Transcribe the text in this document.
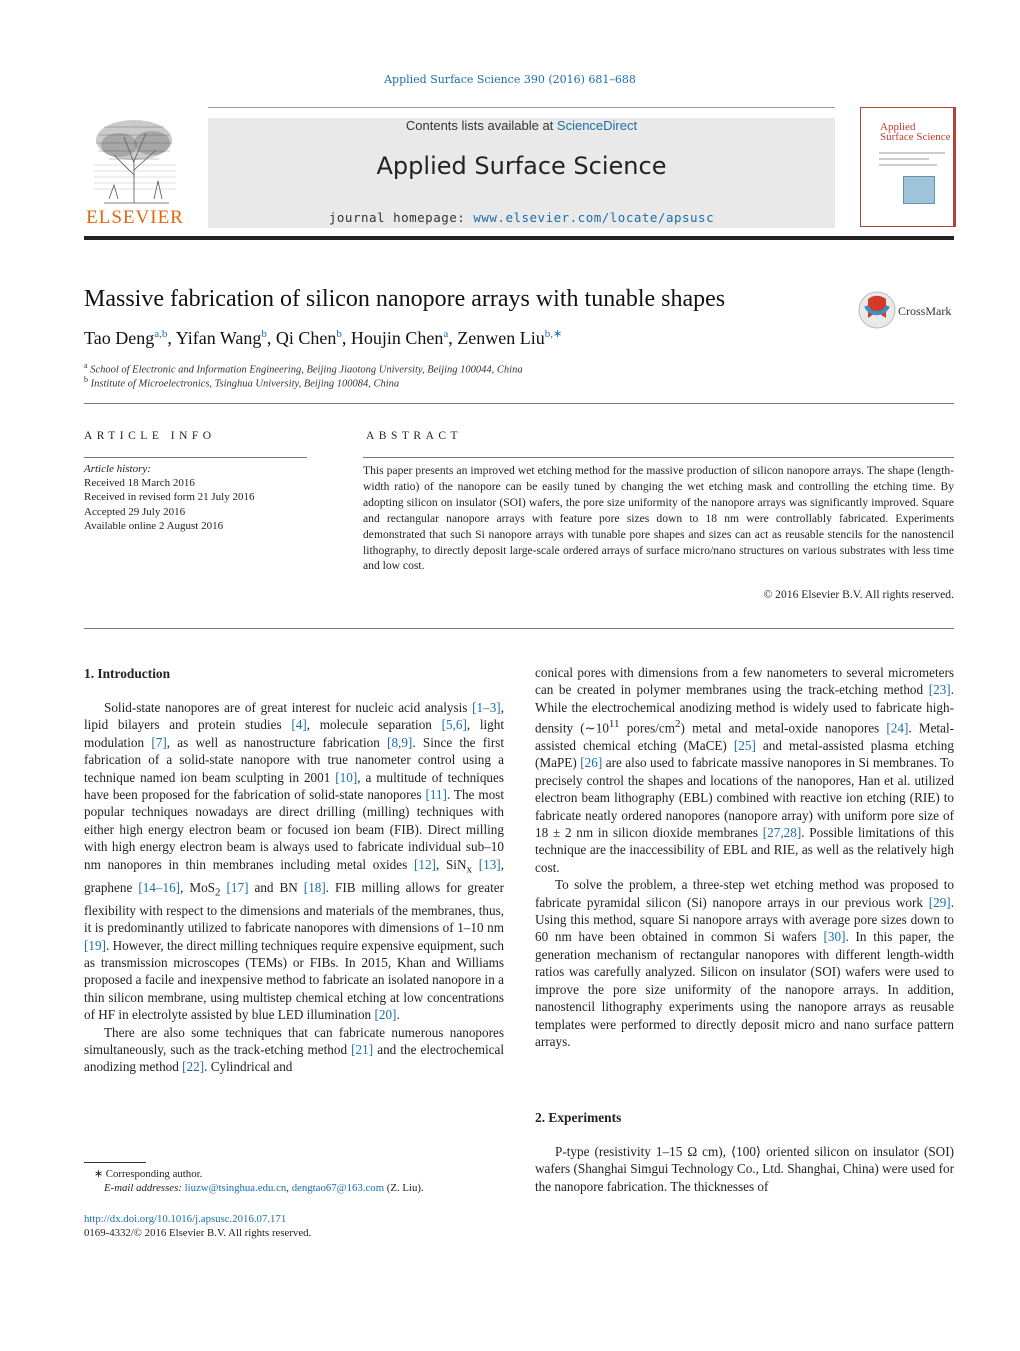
Applied Surface Science 390 (2016) 681–688
ELSEVIER
Contents lists available at ScienceDirect
Applied Surface Science
journal homepage: www.elsevier.com/locate/apsusc
Applied
Surface Science
Massive fabrication of silicon nanopore arrays with tunable shapes	CrossMark
Tao Deng$^{a,b}$, Yifan Wang$^b$, Qi Chen$^b$, Houjin Chen$^a$, Zenwen Liu$^{b,∗}$
$^a$ School of Electronic and Information Engineering, Beijing Jiaotong University, Beijing 100044, China
$^b$ Institute of Microelectronics, Tsinghua University, Beijing 100084, China
ARTICLE INFO	ABSTRACT
Article history:
Received 18 March 2016
Received in revised form 21 July 2016
Accepted 29 July 2016
Available online 2 August 2016
This paper presents an improved wet etching method for the massive production of silicon nanopore arrays. The shape (length-width ratio) of the nanopore can be easily tuned by changing the wet etching mask and controlling the etching time. By adopting silicon on insulator (SOI) wafers, the pore size uniformity of the nanopore arrays was significantly improved. Square and rectangular nanopore arrays with feature pore sizes down to 18 nm were controllably fabricated. Experiments demonstrated that such Si nanopore arrays with tunable pore shapes and sizes can act as reusable stencils for the nanostencil lithography, to directly deposit large-scale ordered arrays of surface micro/nano structures on various substrates with less time and low cost.
© 2016 Elsevier B.V. All rights reserved.
1. Introduction

Solid-state nanopores are of great interest for nucleic acid analysis [1–3], lipid bilayers and protein studies [4], molecule separation [5,6], light modulation [7], as well as nanostructure fabrication [8,9]. Since the first fabrication of a solid-state nanopore with true nanometer control using a technique named ion beam sculpting in 2001 [10], a multitude of techniques have been proposed for the fabrication of solid-state nanopores [11]. The most popular techniques nowadays are direct drilling (milling) techniques with either high energy electron beam or focused ion beam (FIB). Direct milling with high energy electron beam is always used to fabricate individual sub–10 nm nanopores in thin membranes including metal oxides [12], SiN$_x$ [13], graphene [14–16], MoS$_2$ [17] and BN [18]. FIB milling allows for greater flexibility with respect to the dimensions and materials of the membranes, thus, it is predominantly utilized to fabricate nanopores with dimensions of 1–10 nm [19]. However, the direct milling techniques require expensive equipment, such as transmission microscopes (TEMs) or FIBs. In 2015, Khan and Williams proposed a facile and inexpensive method to fabricate an isolated nanopore in a thin silicon membrane, using multistep chemical etching at low concentrations of HF in electrolyte assisted by blue LED illumination [20].

There are also some techniques that can fabricate numerous nanopores simultaneously, such as the track-etching method [21] and the electrochemical anodizing method [22]. Cylindrical and

conical pores with dimensions from a few nanometers to several micrometers can be created in polymer membranes using the track-etching method [23]. While the electrochemical anodizing method is widely used to fabricate high-density ($\sim 10^{11}$ pores/$cm^2$) metal and metal-oxide nanopores [24]. Metal-assisted chemical etching (MaCE) [25] and metal-assisted plasma etching (MaPE) [26] are also used to fabricate massive nanopores in Si membranes. To precisely control the shapes and locations of the nanopores, Han et al. utilized electron beam lithography (EBL) combined with reactive ion etching (RIE) to fabricate neatly ordered nanopores (nanopore array) with uniform pore size of 18 ± 2 nm in silicon dioxide membranes [27,28]. Possible limitations of this technique are the inaccessibility of EBL and RIE, as well as the relatively high cost.

To solve the problem, a three-step wet etching method was proposed to fabricate pyramidal silicon (Si) nanopore arrays in our previous work [29]. Using this method, square Si nanopore arrays with average pore sizes down to 60 nm have been obtained in common Si wafers [30]. In this paper, the generation mechanism of rectangular nanopores with different length-width ratios was carefully analyzed. Silicon on insulator (SOI) wafers were used to improve the pore size uniformity of the nanopore arrays. In addition, nanostencil lithography experiments using the nanopore arrays as reusable templates were performed to directly deposit micro and nano surface pattern arrays.

2. Experiments

P-type (resistivity 1–15 Ω cm), ⟨100⟩ oriented silicon on insulator (SOI) wafers (Shanghai Simgui Technology Co., Ltd. Shanghai, China) were used for the nanopore fabrication. The thicknesses of

∗ Corresponding author.
E-mail addresses: liuzw@tsinghua.edu.cn, dengtao67@163.com (Z. Liu).
http://dx.doi.org/10.1016/j.apsusc.2016.07.171
0169-4332/© 2016 Elsevier B.V. All rights reserved.
